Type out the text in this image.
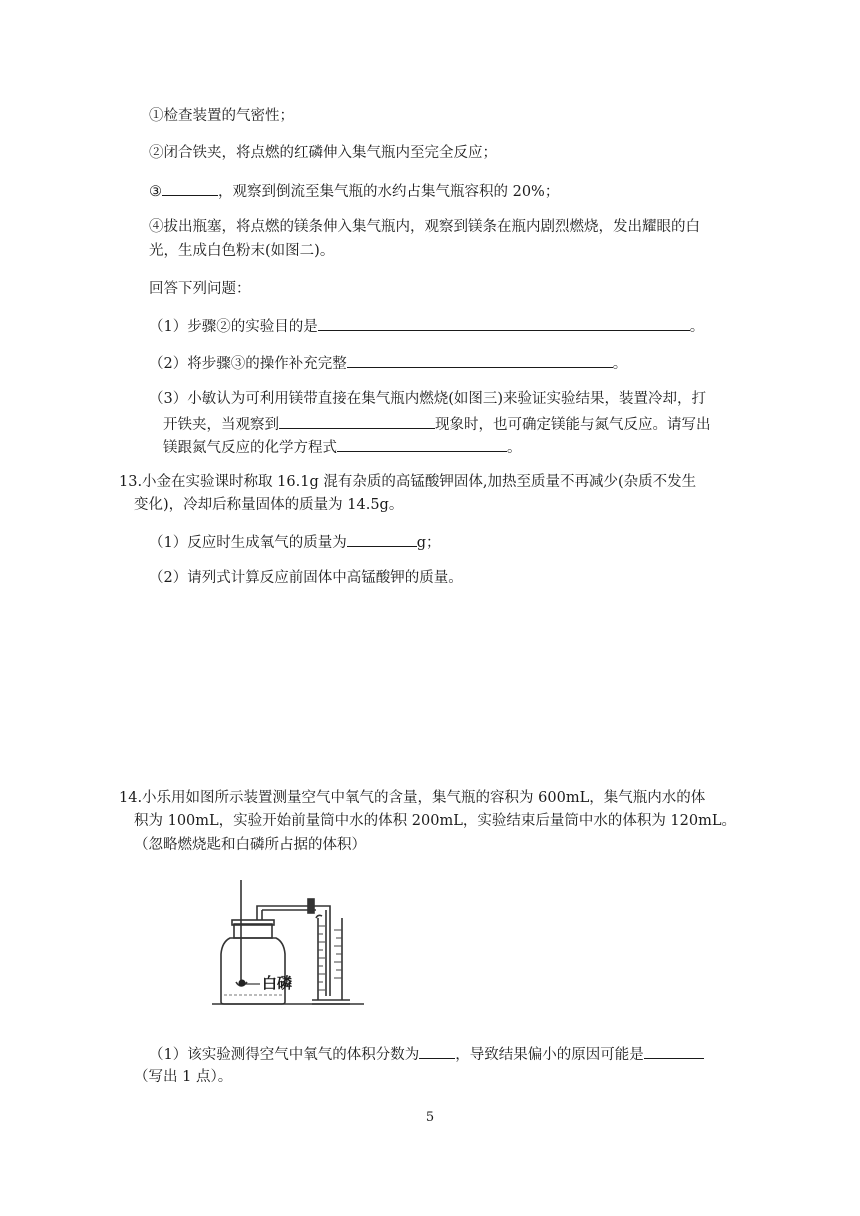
①检查装置的气密性；
②闭合铁夹，将点燃的红磷伸入集气瓶内至完全反应；
③	，观察到倒流至集气瓶的水约占集气瓶容积的 20%；
④拔出瓶塞，将点燃的镁条伸入集气瓶内，观察到镁条在瓶内剧烈燃烧，发出耀眼的白
光，生成白色粉末(如图二)。
回答下列问题：
（1）步骤②的实验目的是	。
（2）将步骤③的操作补充完整	。
（3）小敏认为可利用镁带直接在集气瓶内燃烧(如图三)来验证实验结果，装置冷却，打
开铁夹，当观察到	现象时，也可确定镁能与氮气反应。请写出
镁跟氮气反应的化学方程式	。
13.小金在实验课时称取 16.1g 混有杂质的高锰酸钾固体,加热至质量不再减少(杂质不发生
变化)，冷却后称量固体的质量为 14.5g。
（1）反应时生成氧气的质量为	g；
（2）请列式计算反应前固体中高锰酸钾的质量。
14.小乐用如图所示装置测量空气中氧气的含量，集气瓶的容积为 600mL，集气瓶内水的体
积为 100mL，实验开始前量筒中水的体积 200mL，实验结束后量筒中水的体积为 120mL。
（忽略燃烧匙和白磷所占据的体积）
白磷
（1）该实验测得空气中氧气的体积分数为 ，导致结果偏小的原因可能是
（写出 1 点）。
5
